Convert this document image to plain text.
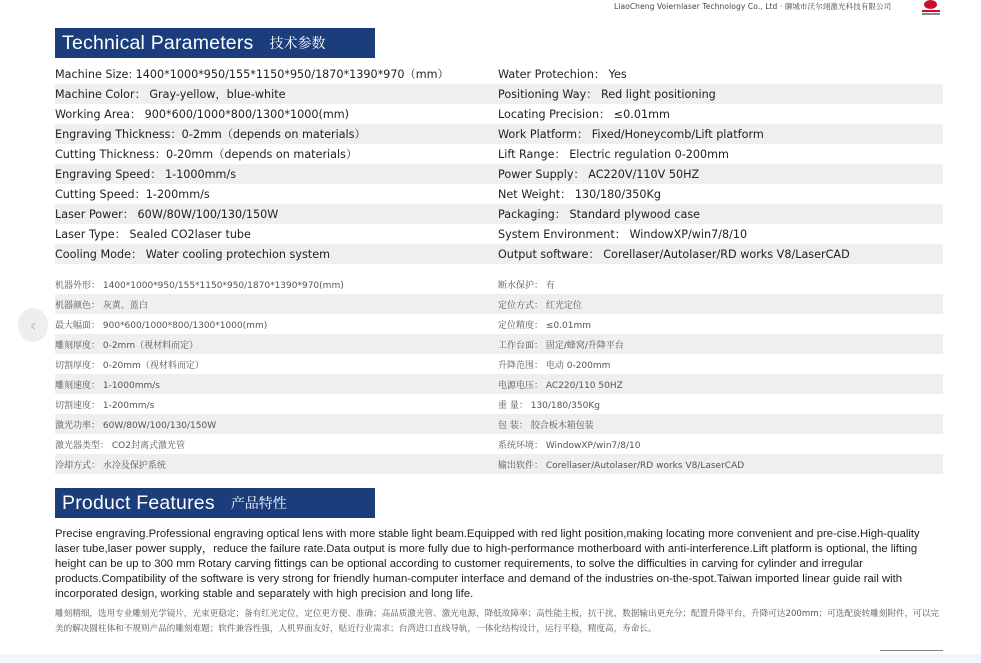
LiaoCheng Voiernlaser Technology Co., Ltd · 聊城市沃尔翊激光科技有限公司
Technical Parameters 技术参数
Machine Size: 1400*1000*950/155*1150*950/1870*1390*970（mm）	Water Protechion： Yes
Machine Color： Gray-yellow，blue-white	Positioning Way： Red light positioning
Working Area： 900*600/1000*800/1300*1000(mm)	Locating Precision： ≤0.01mm
Engraving Thickness：0-2mm（depends on materials）	Work Platform： Fixed/Honeycomb/Lift platform
Cutting Thickness：0-20mm（depends on materials）	Lift Range： Electric regulation 0-200mm
Engraving Speed： 1-1000mm/s	Power Supply： AC220V/110V 50HZ
Cutting Speed：1-200mm/s	Net Weight： 130/180/350Kg
Laser Power： 60W/80W/100/130/150W	Packaging： Standard plywood case
Laser Type： Sealed CO2laser tube	System Environment： WindowXP/win7/8/10
Cooling Mode： Water cooling protechion system	Output software： Corellaser/Autolaser/RD works V8/LaserCAD
机器外形： 1400*1000*950/155*1150*950/1870*1390*970(mm)	断水保护： 有
机器颜色： 灰黄、蓝白	定位方式： 红光定位
最大幅面： 900*600/1000*800/1300*1000(mm)	定位精度： ≤0.01mm
雕刻厚度： 0-2mm（视材料而定）	工作台面： 固定/蜂窝/升降平台
切割厚度： 0-20mm（视材料而定）	升降范围： 电动 0-200mm
雕刻速度： 1-1000mm/s	电源电压： AC220/110 50HZ
切割速度： 1-200mm/s	重 量： 130/180/350Kg
激光功率： 60W/80W/100/130/150W	包 装： 胶合板木箱包装
激光器类型： CO2封离式激光管	系统环境： WindowXP/win7/8/10
冷却方式： 水冷及保护系统	输出软件： Corellaser/Autolaser/RD works V8/LaserCAD
‹
Product Features 产品特性
Precise engraving.Professional engraving optical lens with more stable light beam.Equipped with red light position,making locating more convenient and pre-cise.High-quality laser tube,laser power supply，reduce the failure rate.Data output is more fully due to high-performance motherboard with anti-interference.Lift platform is optional, the lifting height can be up to 300 mm Rotary carving fittings can be optional according to customer requirements, to solve the difficulties in carving for cylinder and irregular products.Compatibility of the software is very strong for friendly human-computer interface and demand of the industries on-the-spot.Taiwan imported linear guide rail with incorporated design, working stable and separately with high precision and long life.
雕刻精细，选用专业雕刻光学镜片，光束更稳定；备有红光定位，定位更方便、准确；高品质激光管、激光电源，降低故障率；高性能主板，抗干扰，数据输出更充分；配置升降平台，升降可达200mm；可选配旋转雕刻附件，可以完美的解决圆柱体和不规则产品的雕刻难题；软件兼容性强，人机界面友好，贴近行业需求；台湾进口直线导轨，一体化结构设计，运行平稳，精度高，寿命长。
